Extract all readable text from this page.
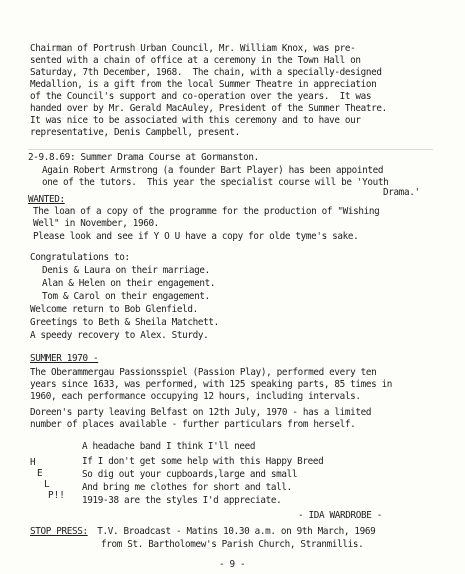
Chairman of Portrush Urban Council, Mr. William Knox, was pre-
sented with a chain of office at a ceremony in the Town Hall on
Saturday, 7th December, 1968.  The chain, with a specially-designed
Medallion, is a gift from the local Summer Theatre in appreciation
of the Council's support and co-operation over the years.  It was
handed over by Mr. Gerald MacAuley, President of the Summer Theatre.
It was nice to be associated with this ceremony and to have our
representative, Denis Campbell, present.
2-9.8.69: Summer Drama Course at Gormanston.
Again Robert Armstrong (a founder Bart Player) has been appointed
one of the tutors.  This year the specialist course will be 'Youth
Drama.'
WANTED:
The loan of a copy of the programme for the production of "Wishing
Well" in November, 1960.
Please look and see if Y O U have a copy for olde tyme's sake.
Congratulations to:
Denis & Laura on their marriage.
Alan & Helen on their engagement.
Tom & Carol on their engagement.
Welcome return to Bob Glenfield.
Greetings to Beth & Sheila Matchett.
A speedy recovery to Alex. Sturdy.
SUMMER 1970 -
The Oberammergau Passionsspiel (Passion Play), performed every ten
years since 1633, was performed, with 125 speaking parts, 85 times in
1960, each performance occupying 12 hours, including intervals.
Doreen's party leaving Belfast on 12th July, 1970 - has a limited
number of places available - further particulars from herself.
H
E
L
P!!
A headache band I think I'll need
If I don't get some help with this Happy Breed
So dig out your cupboards,large and small
And bring me clothes for short and tall.
1919-38 are the styles I'd appreciate.
- IDA WARDROBE -
STOP PRESS: T.V. Broadcast - Matins 10.30 a.m. on 9th March, 1969
from St. Bartholomew's Parish Church, Stranmillis.
- 9 -
